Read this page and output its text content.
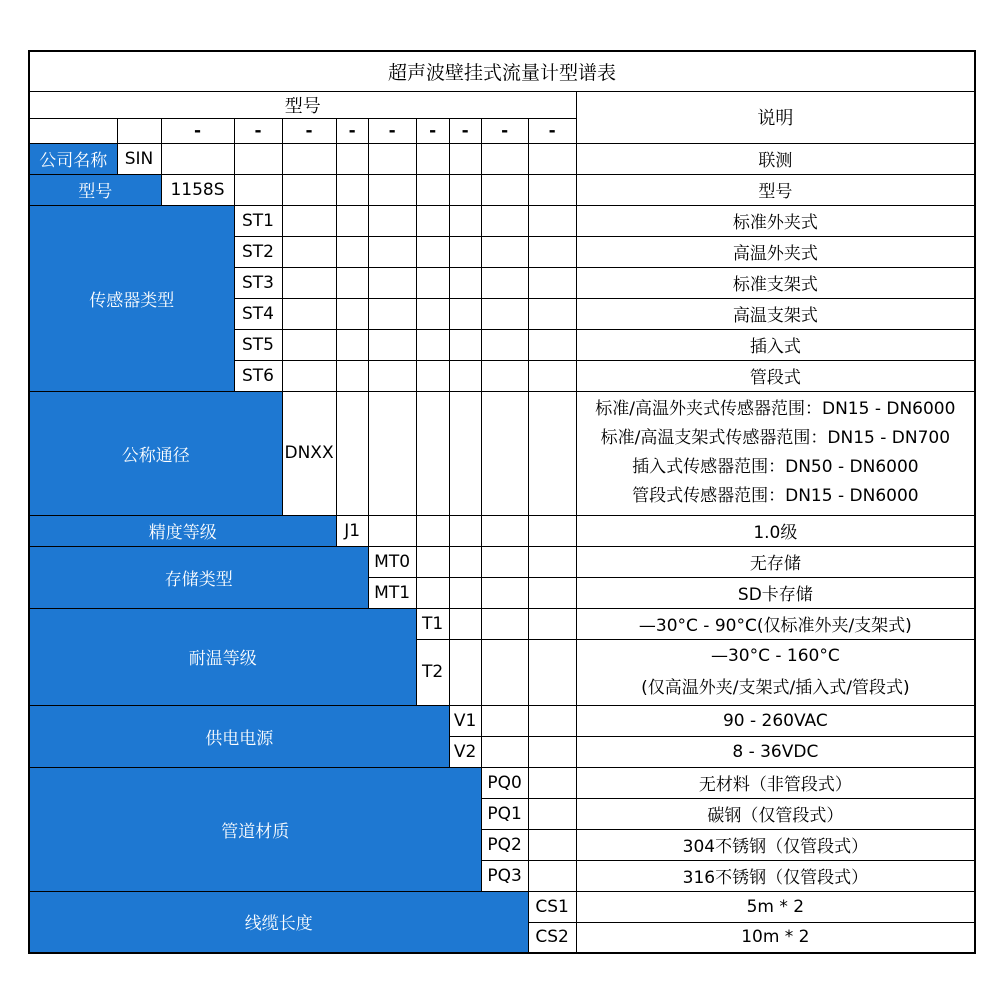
超声波壁挂式流量计型谱表											
型号											说明
		-	-	-	-	-	-	-	-	-	
公司名称	SIN										联测
型号		1158S									型号
传感器类型			ST1								标准外夹式
			ST2								高温外夹式
			ST3								标准支架式
			ST4								高温支架式
			ST5								插入式
			ST6								管段式
公称通径				DNXX							标准/高温外夹式传感器范围：DN15 - DN6000
标准/高温支架式传感器范围：DN15 - DN700
插入式传感器范围：DN50 - DN6000
管段式传感器范围：DN15 - DN6000

精度等级					J1						1.0级
存储类型						MT0					无存储
						MT1					SD卡存储
耐温等级							T1				—30°C - 90°C(仅标准外夹/支架式)
							T2				—30°C - 160°C
(仅高温外夹/支架式/插入式/管段式)

供电电源								V1			90 - 260VAC
								V2			8 - 36VDC
管道材质									PQ0		无材料（非管段式）
									PQ1		碳钢（仅管段式）
									PQ2		304不锈钢（仅管段式）
									PQ3		316不锈钢（仅管段式）
线缆长度										CS1	5m * 2
										CS2	10m * 2
